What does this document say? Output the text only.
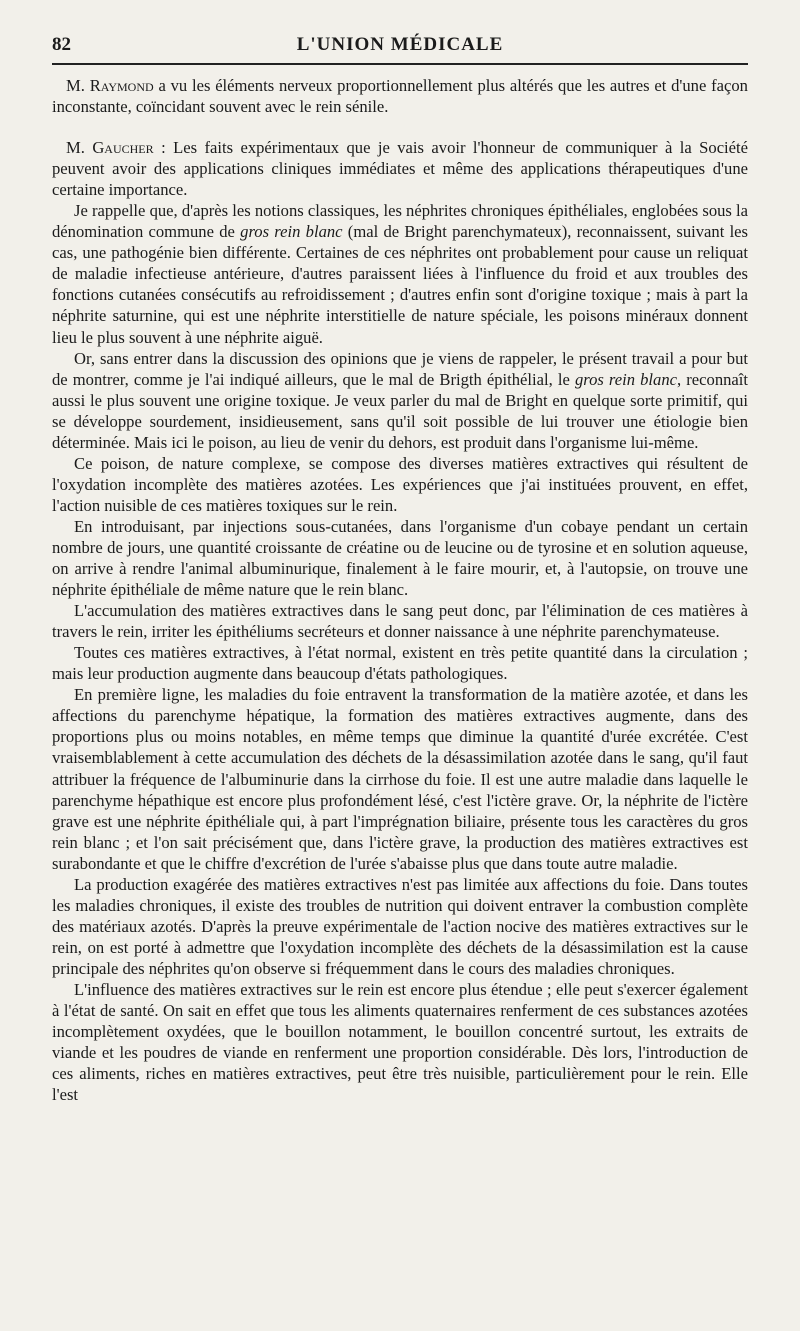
82	L'UNION MÉDICALE

M. Raymond a vu les éléments nerveux proportionnellement plus altérés que les autres et d'une façon inconstante, coïncidant souvent avec le rein sénile.

M. Gaucher : Les faits expérimentaux que je vais avoir l'honneur de communiquer à la Société peuvent avoir des applications cliniques immédiates et même des applications thérapeutiques d'une certaine importance.

Je rappelle que, d'après les notions classiques, les néphrites chroniques épithéliales, englobées sous la dénomination commune de gros rein blanc (mal de Bright parenchymateux), reconnaissent, suivant les cas, une pathogénie bien différente. Certaines de ces néphrites ont probablement pour cause un reliquat de maladie infectieuse antérieure, d'autres paraissent liées à l'influence du froid et aux troubles des fonctions cutanées consécutifs au refroidissement ; d'autres enfin sont d'origine toxique ; mais à part la néphrite saturnine, qui est une néphrite interstitielle de nature spéciale, les poisons minéraux donnent lieu le plus souvent à une néphrite aiguë.

Or, sans entrer dans la discussion des opinions que je viens de rappeler, le présent travail a pour but de montrer, comme je l'ai indiqué ailleurs, que le mal de Brigth épithélial, le gros rein blanc, reconnaît aussi le plus souvent une origine toxique. Je veux parler du mal de Bright en quelque sorte primitif, qui se développe sourdement, insidieusement, sans qu'il soit possible de lui trouver une étiologie bien déterminée. Mais ici le poison, au lieu de venir du dehors, est produit dans l'organisme lui-même.

Ce poison, de nature complexe, se compose des diverses matières extractives qui résultent de l'oxydation incomplète des matières azotées. Les expériences que j'ai instituées prouvent, en effet, l'action nuisible de ces matières toxiques sur le rein.

En introduisant, par injections sous-cutanées, dans l'organisme d'un cobaye pendant un certain nombre de jours, une quantité croissante de créatine ou de leucine ou de tyrosine et en solution aqueuse, on arrive à rendre l'animal albuminurique, finalement à le faire mourir, et, à l'autopsie, on trouve une néphrite épithéliale de même nature que le rein blanc.

L'accumulation des matières extractives dans le sang peut donc, par l'élimination de ces matières à travers le rein, irriter les épithéliums secréteurs et donner naissance à une néphrite parenchymateuse.

Toutes ces matières extractives, à l'état normal, existent en très petite quantité dans la circulation ; mais leur production augmente dans beaucoup d'états pathologiques.

En première ligne, les maladies du foie entravent la transformation de la matière azotée, et dans les affections du parenchyme hépatique, la formation des matières extractives augmente, dans des proportions plus ou moins notables, en même temps que diminue la quantité d'urée excrétée. C'est vraisemblablement à cette accumulation des déchets de la désassimilation azotée dans le sang, qu'il faut attribuer la fréquence de l'albuminurie dans la cirrhose du foie. Il est une autre maladie dans laquelle le parenchyme hépathique est encore plus profondément lésé, c'est l'ictère grave. Or, la néphrite de l'ictère grave est une néphrite épithéliale qui, à part l'imprégnation biliaire, présente tous les caractères du gros rein blanc ; et l'on sait précisément que, dans l'ictère grave, la production des matières extractives est surabondante et que le chiffre d'excrétion de l'urée s'abaisse plus que dans toute autre maladie.

La production exagérée des matières extractives n'est pas limitée aux affections du foie. Dans toutes les maladies chroniques, il existe des troubles de nutrition qui doivent entraver la combustion complète des matériaux azotés. D'après la preuve expérimentale de l'action nocive des matières extractives sur le rein, on est porté à admettre que l'oxydation incomplète des déchets de la désassimilation est la cause principale des néphrites qu'on observe si fréquemment dans le cours des maladies chroniques.

L'influence des matières extractives sur le rein est encore plus étendue ; elle peut s'exercer également à l'état de santé. On sait en effet que tous les aliments quaternaires renferment de ces substances azotées incomplètement oxydées, que le bouillon notamment, le bouillon concentré surtout, les extraits de viande et les poudres de viande en renferment une proportion considérable. Dès lors, l'introduction de ces aliments, riches en matières extractives, peut être très nuisible, particulièrement pour le rein. Elle l'est
